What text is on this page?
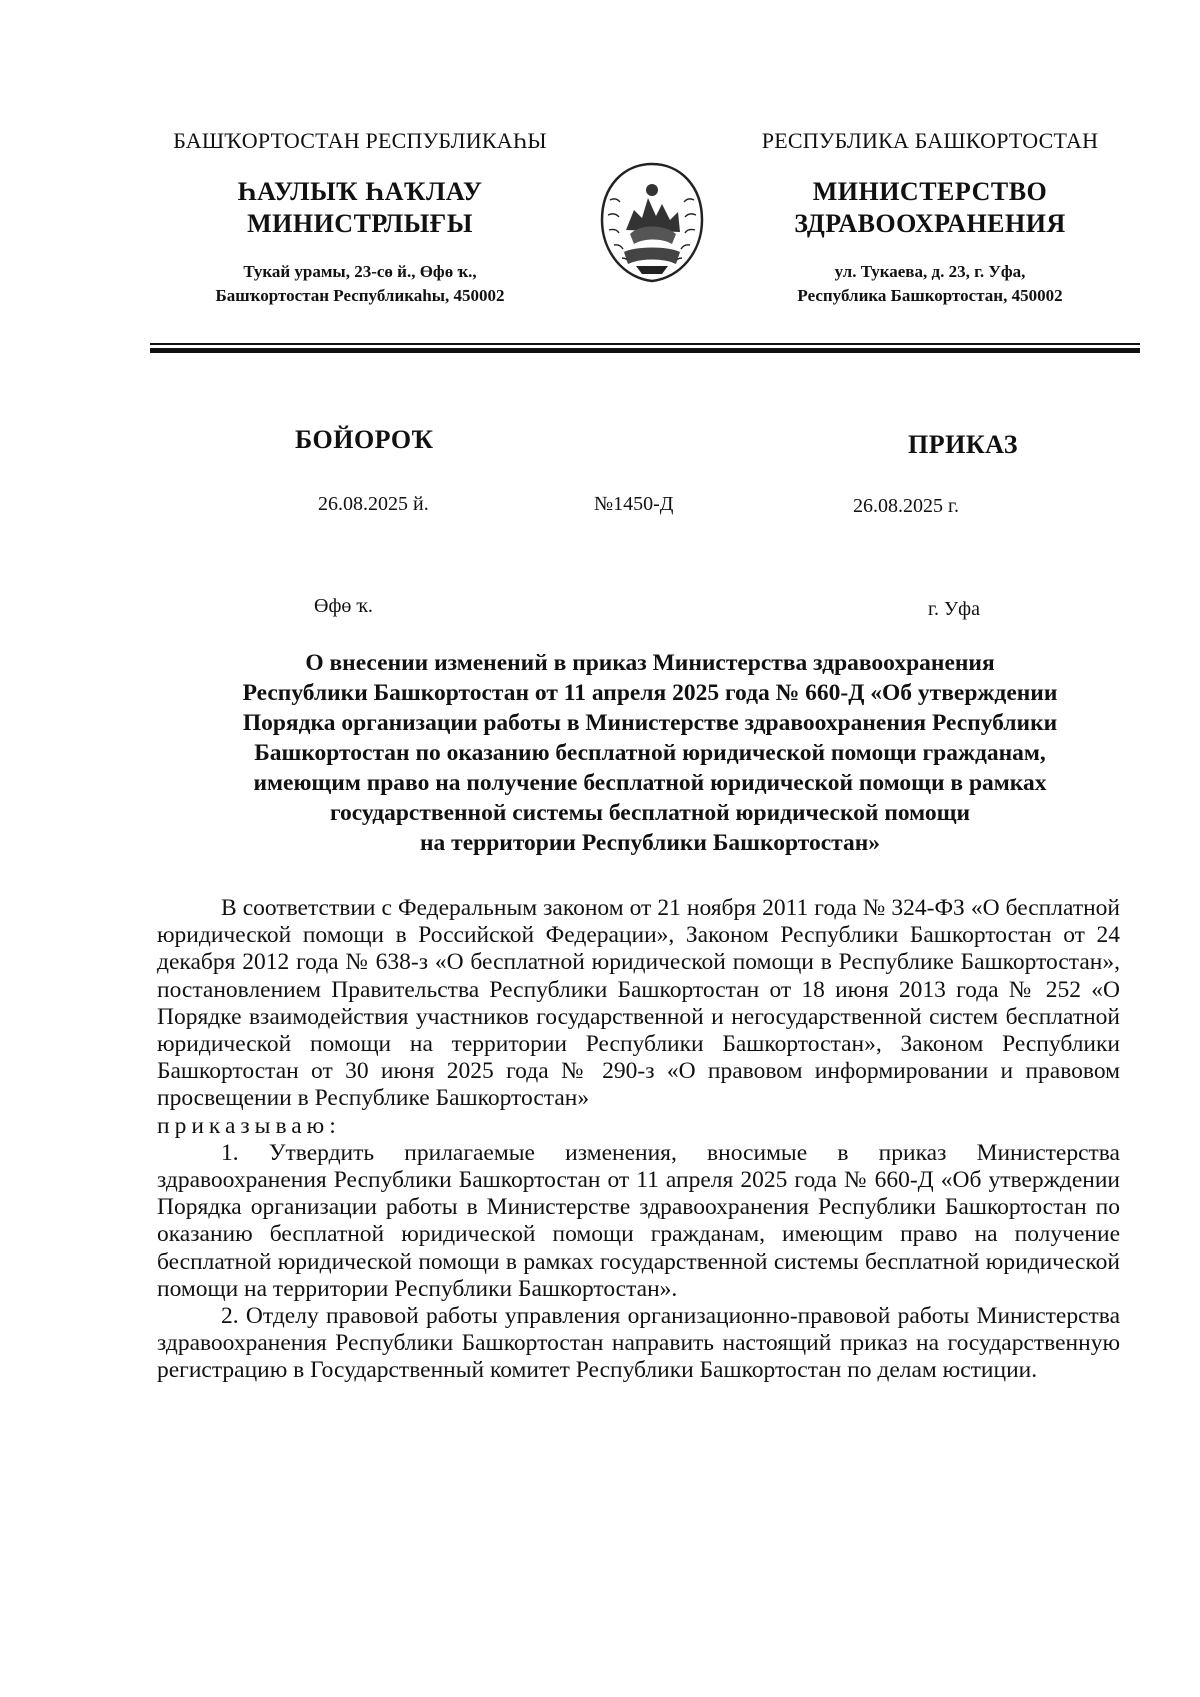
БАШҠОРТОСТАН РЕСПУБЛИКАҺЫ
ҺАУЛЫҠ ҺАҠЛАУ
МИНИСТРЛЫҒЫ
Тукай урамы, 23-сө й., Өфө ҡ.,
Башҡортостан Республикаһы, 450002
РЕСПУБЛИКА БАШКОРТОСТАН
МИНИСТЕРСТВО
ЗДРАВООХРАНЕНИЯ
ул. Тукаева, д. 23, г. Уфа,
Республика Башкортостан, 450002
БОЙОРОҠ	ПРИКАЗ
26.08.2025 й.	№1450-Д	26.08.2025 г.
Өфө ҡ.	г. Уфа
О внесении изменений в приказ Министерства здравоохранения
Республики Башкортостан от 11 апреля 2025 года № 660-Д «Об утверждении
Порядка организации работы в Министерстве здравоохранения Республики
Башкортостан по оказанию бесплатной юридической помощи гражданам,
имеющим право на получение бесплатной юридической помощи в рамках
государственной системы бесплатной юридической помощи
на территории Республики Башкортостан»

В соответствии с Федеральным законом от 21 ноября 2011 года № 324-ФЗ «О бесплатной юридической помощи в Российской Федерации», Законом Республики Башкортостан от 24 декабря 2012 года № 638-з «О бесплатной юридической помощи в Республике Башкортостан», постановлением Правительства Республики Башкортостан от 18 июня 2013 года № 252 «О Порядке взаимодействия участников государственной и негосударственной систем бесплатной юридической помощи на территории Республики Башкортостан», Законом Республики Башкортостан от 30 июня 2025 года № 290-з «О правовом информировании и правовом просвещении в Республике Башкортостан»

приказываю:

1. Утвердить прилагаемые изменения, вносимые в приказ Министерства здравоохранения Республики Башкортостан от 11 апреля 2025 года № 660-Д «Об утверждении Порядка организации работы в Министерстве здравоохранения Республики Башкортостан по оказанию бесплатной юридической помощи гражданам, имеющим право на получение бесплатной юридической помощи в рамках государственной системы бесплатной юридической помощи на территории Республики Башкортостан».

2. Отделу правовой работы управления организационно-правовой работы Министерства здравоохранения Республики Башкортостан направить настоящий приказ на государственную регистрацию в Государственный комитет Республики Башкортостан по делам юстиции.
